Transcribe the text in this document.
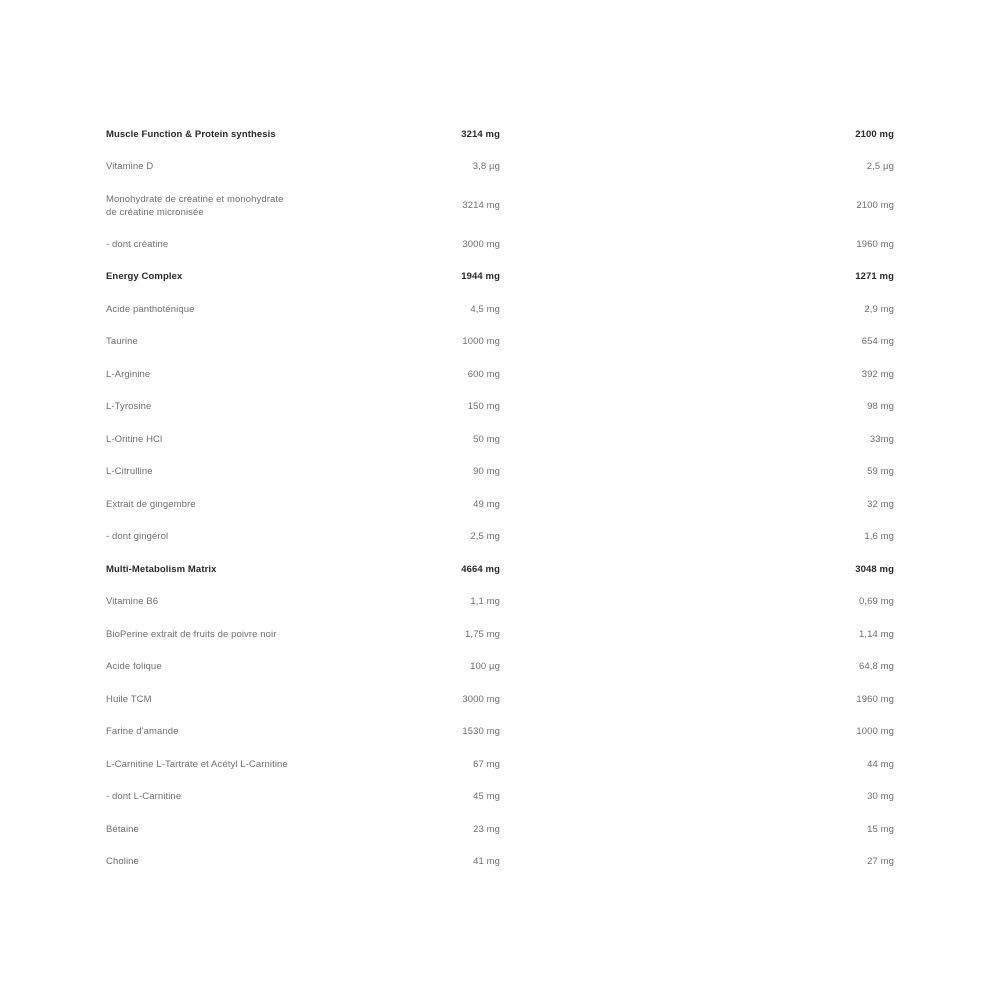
Muscle Function & Protein synthesis	3214 mg	2100 mg
Vitamine D	3,8 µg	2,5 µg
Monohydrate de créatine et monohydrate
de créatine micronisée
3214 mg	2100 mg
- dont créatine	3000 mg	1960 mg
Energy Complex	1944 mg	1271 mg
Acide panthoténique	4,5 mg	2,9 mg
Taurine	1000 mg	654 mg
L-Arginine	600 mg	392 mg
L-Tyrosine	150 mg	98 mg
L-Oritine HCl	50 mg	33mg
L-Citrulline	90 mg	59 mg
Extrait de gingembre	49 mg	32 mg
- dont gingérol	2,5 mg	1,6 mg
Multi-Metabolism Matrix	4664 mg	3048 mg
Vitamine B6	1,1 mg	0,69 mg
BioPerine extrait de fruits de poivre noir	1,75 mg	1,14 mg
Acide folique	100 µg	64,8 mg
Huile TCM	3000 mg	1960 mg
Farine d'amande	1530 mg	1000 mg
L-Carnitine L-Tartrate et Acétyl L-Carnitine	67 mg	44 mg
- dont L-Carnitine	45 mg	30 mg
Bétaine	23 mg	15 mg
Choline	41 mg	27 mg
